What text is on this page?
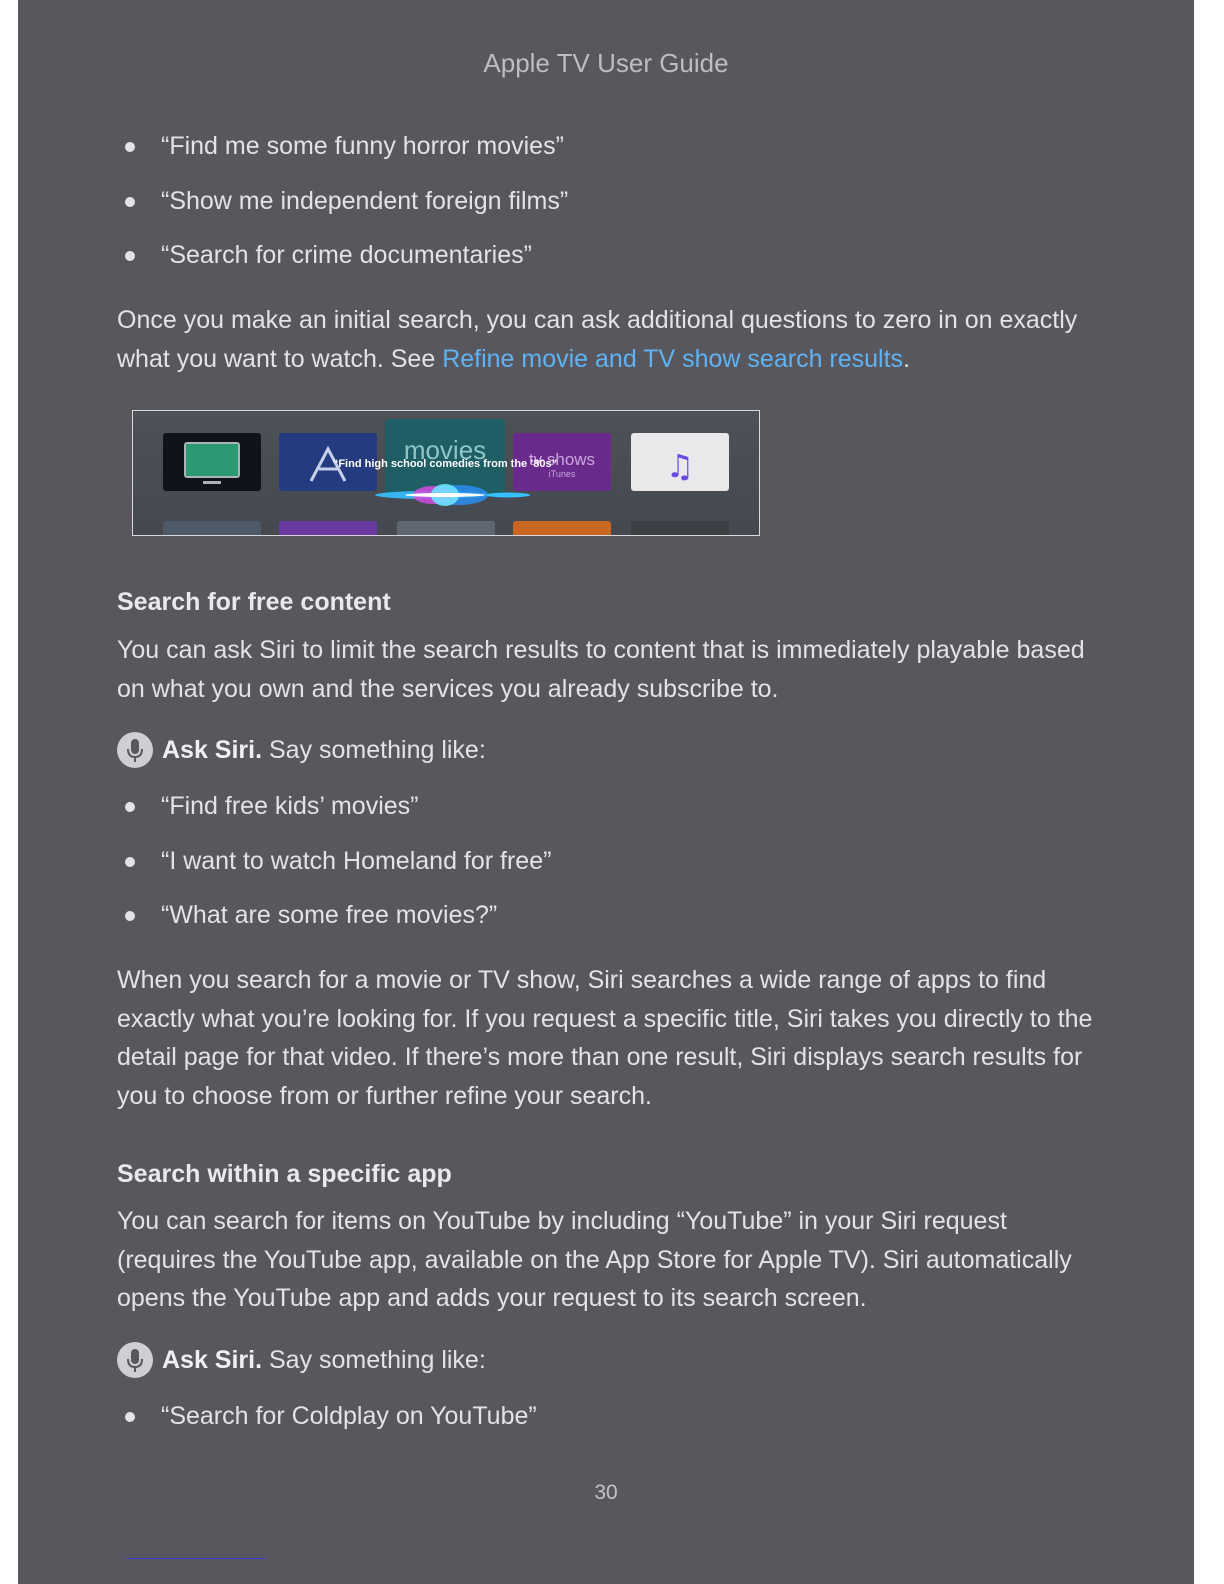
Apple TV User Guide
“Find me some funny horror movies”
“Show me independent foreign films”
“Search for crime documentaries”

Once you make an initial search, you can ask additional questions to zero in on exactly what you want to watch. See Refine movie and TV show search results.

movies	tv shows
iTunes	♫
“Find high school comedies from the ’80s”
Search for free content

You can ask Siri to limit the search results to content that is immediately playable based on what you own and the services you already subscribe to.

Ask Siri. Say something like:
“Find free kids’ movies”
“I want to watch Homeland for free”
“What are some free movies?”

When you search for a movie or TV show, Siri searches a wide range of apps to find exactly what you’re looking for. If you request a specific title, Siri takes you directly to the detail page for that video. If there’s more than one result, Siri displays search results for you to choose from or further refine your search.

Search within a specific app

You can search for items on YouTube by including “YouTube” in your Siri request (requires the YouTube app, available on the App Store for Apple TV). Siri automatically opens the YouTube app and adds your request to its search screen.

Ask Siri. Say something like:
“Search for Coldplay on YouTube”
30
